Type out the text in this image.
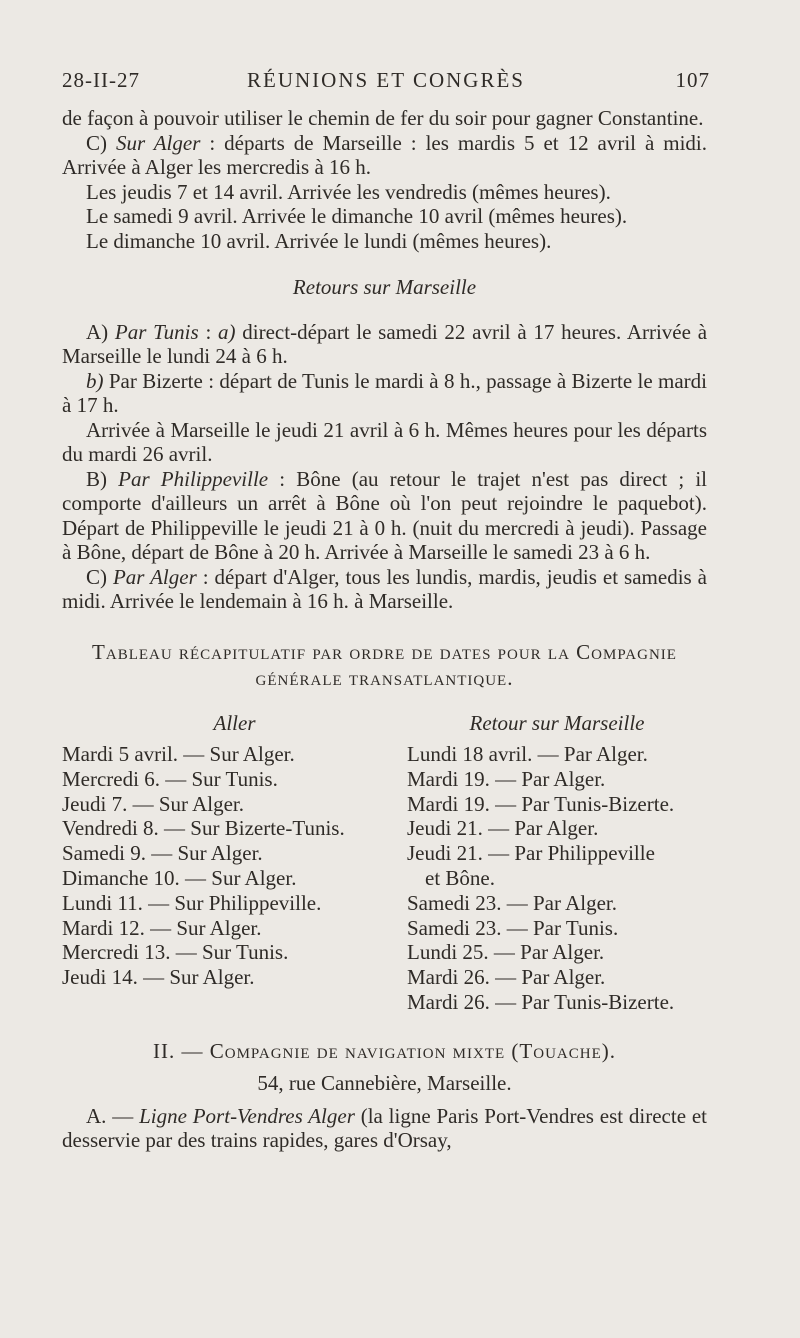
28-II-27	RÉUNIONS ET CONGRÈS	107

de façon à pouvoir utiliser le chemin de fer du soir pour gagner Constantine.

C) Sur Alger : départs de Marseille : les mardis 5 et 12 avril à midi. Arrivée à Alger les mercredis à 16 h.

Les jeudis 7 et 14 avril. Arrivée les vendredis (mêmes heures).

Le samedi 9 avril. Arrivée le dimanche 10 avril (mêmes heures).

Le dimanche 10 avril. Arrivée le lundi (mêmes heures).

Retours sur Marseille

A) Par Tunis : a) direct-départ le samedi 22 avril à 17 heures. Arrivée à Marseille le lundi 24 à 6 h.

b) Par Bizerte : départ de Tunis le mardi à 8 h., passage à Bizerte le mardi à 17 h.

Arrivée à Marseille le jeudi 21 avril à 6 h. Mêmes heures pour les départs du mardi 26 avril.

B) Par Philippeville : Bône (au retour le trajet n'est pas direct ; il comporte d'ailleurs un arrêt à Bône où l'on peut rejoindre le paquebot). Départ de Philippeville le jeudi 21 à 0 h. (nuit du mercredi à jeudi). Passage à Bône, départ de Bône à 20 h. Arrivée à Marseille le samedi 23 à 6 h.

C) Par Alger : départ d'Alger, tous les lundis, mardis, jeudis et samedis à midi. Arrivée le lendemain à 16 h. à Marseille.

Tableau récapitulatif par ordre de dates pour la Compagnie générale transatlantique.

Aller
Mardi 5 avril. — Sur Alger.
Mercredi 6. — Sur Tunis.
Jeudi 7. — Sur Alger.
Vendredi 8. — Sur Bizerte-Tunis.
Samedi 9. — Sur Alger.
Dimanche 10. — Sur Alger.
Lundi 11. — Sur Philippeville.
Mardi 12. — Sur Alger.
Mercredi 13. — Sur Tunis.
Jeudi 14. — Sur Alger.
Retour sur Marseille
Lundi 18 avril. — Par Alger.
Mardi 19. — Par Alger.
Mardi 19. — Par Tunis-Bizerte.
Jeudi 21. — Par Alger.
Jeudi 21. — Par Philippeville
et Bône.
Samedi 23. — Par Alger.
Samedi 23. — Par Tunis.
Lundi 25. — Par Alger.
Mardi 26. — Par Alger.
Mardi 26. — Par Tunis-Bizerte.

II. — Compagnie de navigation mixte (Touache).

54, rue Cannebière, Marseille.

A. — Ligne Port-Vendres Alger (la ligne Paris Port-Vendres est directe et desservie par des trains rapides, gares d'Orsay,
